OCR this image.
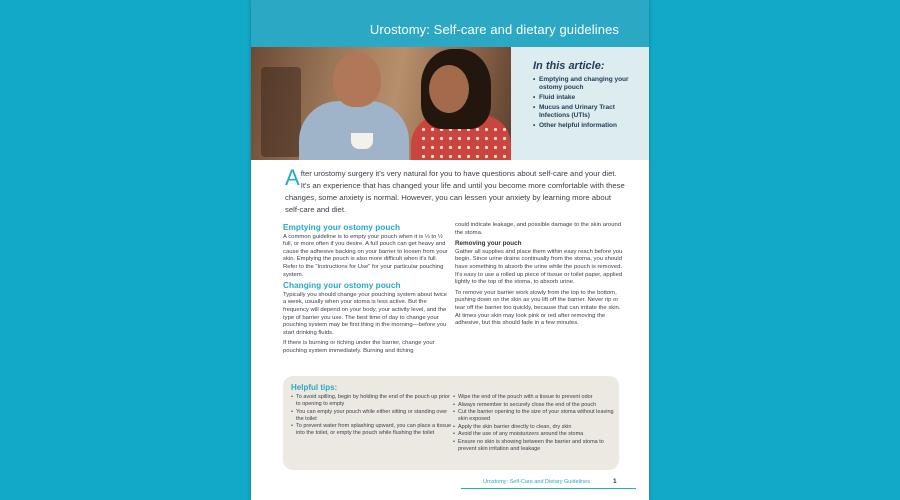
Urostomy: Self-care and dietary guidelines
In this article:
• Emptying and changing your ostomy pouch
• Fluid intake
• Mucus and Urinary Tract Infections (UTIs)
• Other helpful information
After urostomy surgery it's very natural for you to have questions about self-care and your diet. It's an experience that has changed your life and until you become more comfortable with these changes, some anxiety is normal. However, you can lessen your anxiety by learning more about self-care and diet.
Emptying your ostomy pouch

A common guideline is to empty your pouch when it is ⅓ to ½ full, or more often if you desire. A full pouch can get heavy and cause the adhesive backing on your barrier to loosen from your skin. Emptying the pouch is also more difficult when it's full. Refer to the "Instructions for Use" for your particular pouching system.

Changing your ostomy pouch

Typically you should change your pouching system about twice a week, usually when your stoma is less active. But the frequency will depend on your body, your activity level, and the type of barrier you use. The best time of day to change your pouching system may be first thing in the morning—before you start drinking fluids.

If there is burning or itching under the barrier, change your pouching system immediately. Burning and itching

could indicate leakage, and possible damage to the skin around the stoma.

Removing your pouch

Gather all supplies and place them within easy reach before you begin. Since urine drains continually from the stoma, you should have something to absorb the urine while the pouch is removed. It's easy to use a rolled up piece of tissue or toilet paper, applied lightly to the top of the stoma, to absorb urine.

To remove your barrier work slowly from the top to the bottom, pushing down on the skin as you lift off the barrier. Never rip or tear off the barrier too quickly, because that can irritate the skin. At times your skin may look pink or red after removing the adhesive, but this should fade in a few minutes.

Helpful tips:
• To avoid spilling, begin by holding the end of the pouch up prior to opening to empty
• You can empty your pouch while either sitting or standing over the toilet
• To prevent water from splashing upward, you can place a tissue into the toilet, or empty the pouch while flushing the toilet
• Wipe the end of the pouch with a tissue to prevent odor
• Always remember to securely close the end of the pouch
• Cut the barrier opening to the size of your stoma without leaving skin exposed
• Apply the skin barrier directly to clean, dry skin
• Avoid the use of any moisturizers around the stoma
• Ensure no skin is showing between the barrier and stoma to prevent skin irritation and leakage
Urostomy: Self-Care and Dietary Guidelines	1
